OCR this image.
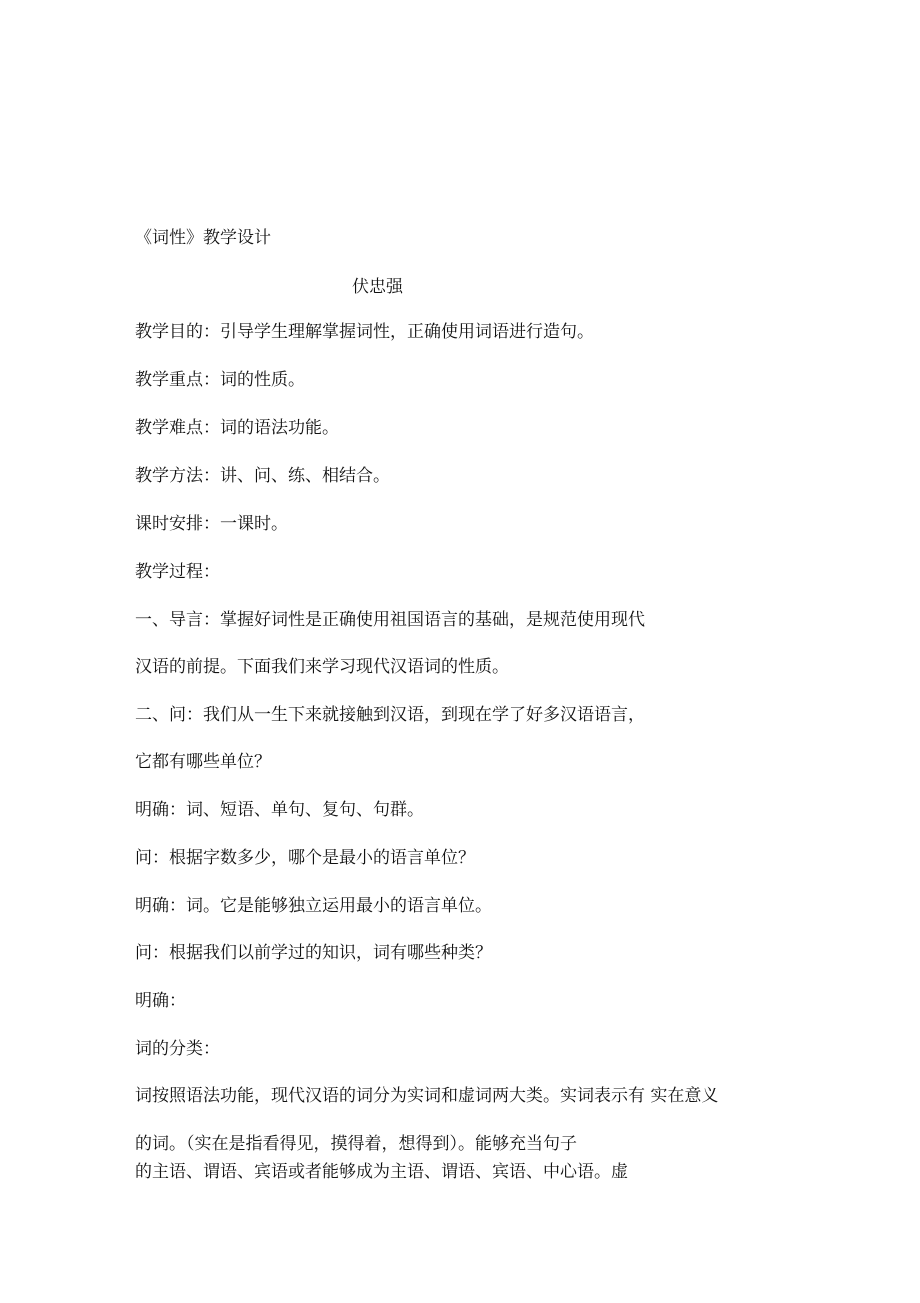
《词性》教学设计
伏忠强
教学目的：引导学生理解掌握词性，正确使用词语进行造句。
教学重点：词的性质。
教学难点：词的语法功能。
教学方法：讲、问、练、相结合。
课时安排：一课时。
教学过程：
一、导言：掌握好词性是正确使用祖国语言的基础，是规范使用现代
汉语的前提。下面我们来学习现代汉语词的性质。
二、问：我们从一生下来就接触到汉语，到现在学了好多汉语语言，
它都有哪些单位？
明确：词、短语、单句、复句、句群。
问：根据字数多少，哪个是最小的语言单位？
明确：词。它是能够独立运用最小的语言单位。
问：根据我们以前学过的知识，词有哪些种类？
明确：
词的分类：
词按照语法功能，现代汉语的词分为实词和虚词两大类。实词表示有 实在意义
的词。（实在是指看得见，摸得着，想得到）。能够充当句子
的主语、谓语、宾语或者能够成为主语、谓语、宾语、中心语。虚
